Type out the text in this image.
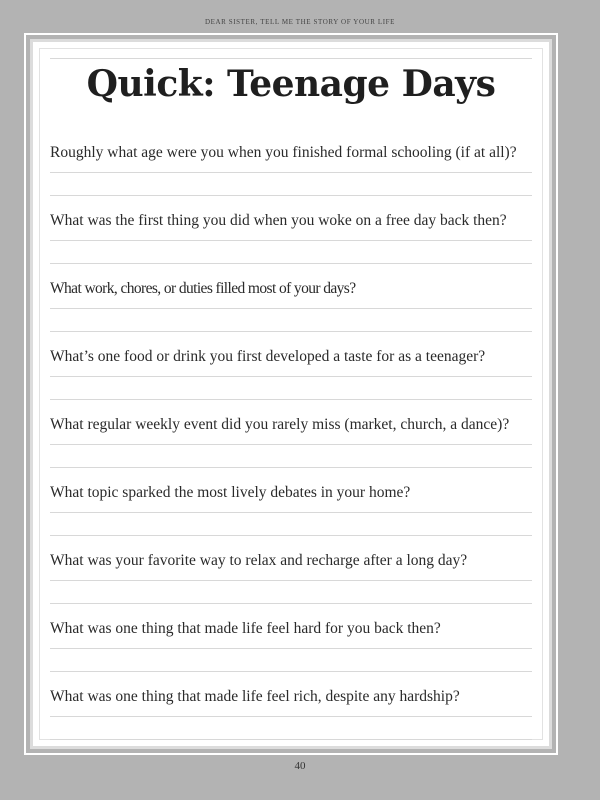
DEAR SISTER, TELL ME THE STORY OF YOUR LIFE
Quick: Teenage Days
Roughly what age were you when you finished formal schooling (if at all)?
What was the first thing you did when you woke on a free day back then?
What work, chores, or duties filled most of your days?
What’s one food or drink you first developed a taste for as a teenager?
What regular weekly event did you rarely miss (market, church, a dance)?
What topic sparked the most lively debates in your home?
What was your favorite way to relax and recharge after a long day?
What was one thing that made life feel hard for you back then?
What was one thing that made life feel rich, despite any hardship?
40
